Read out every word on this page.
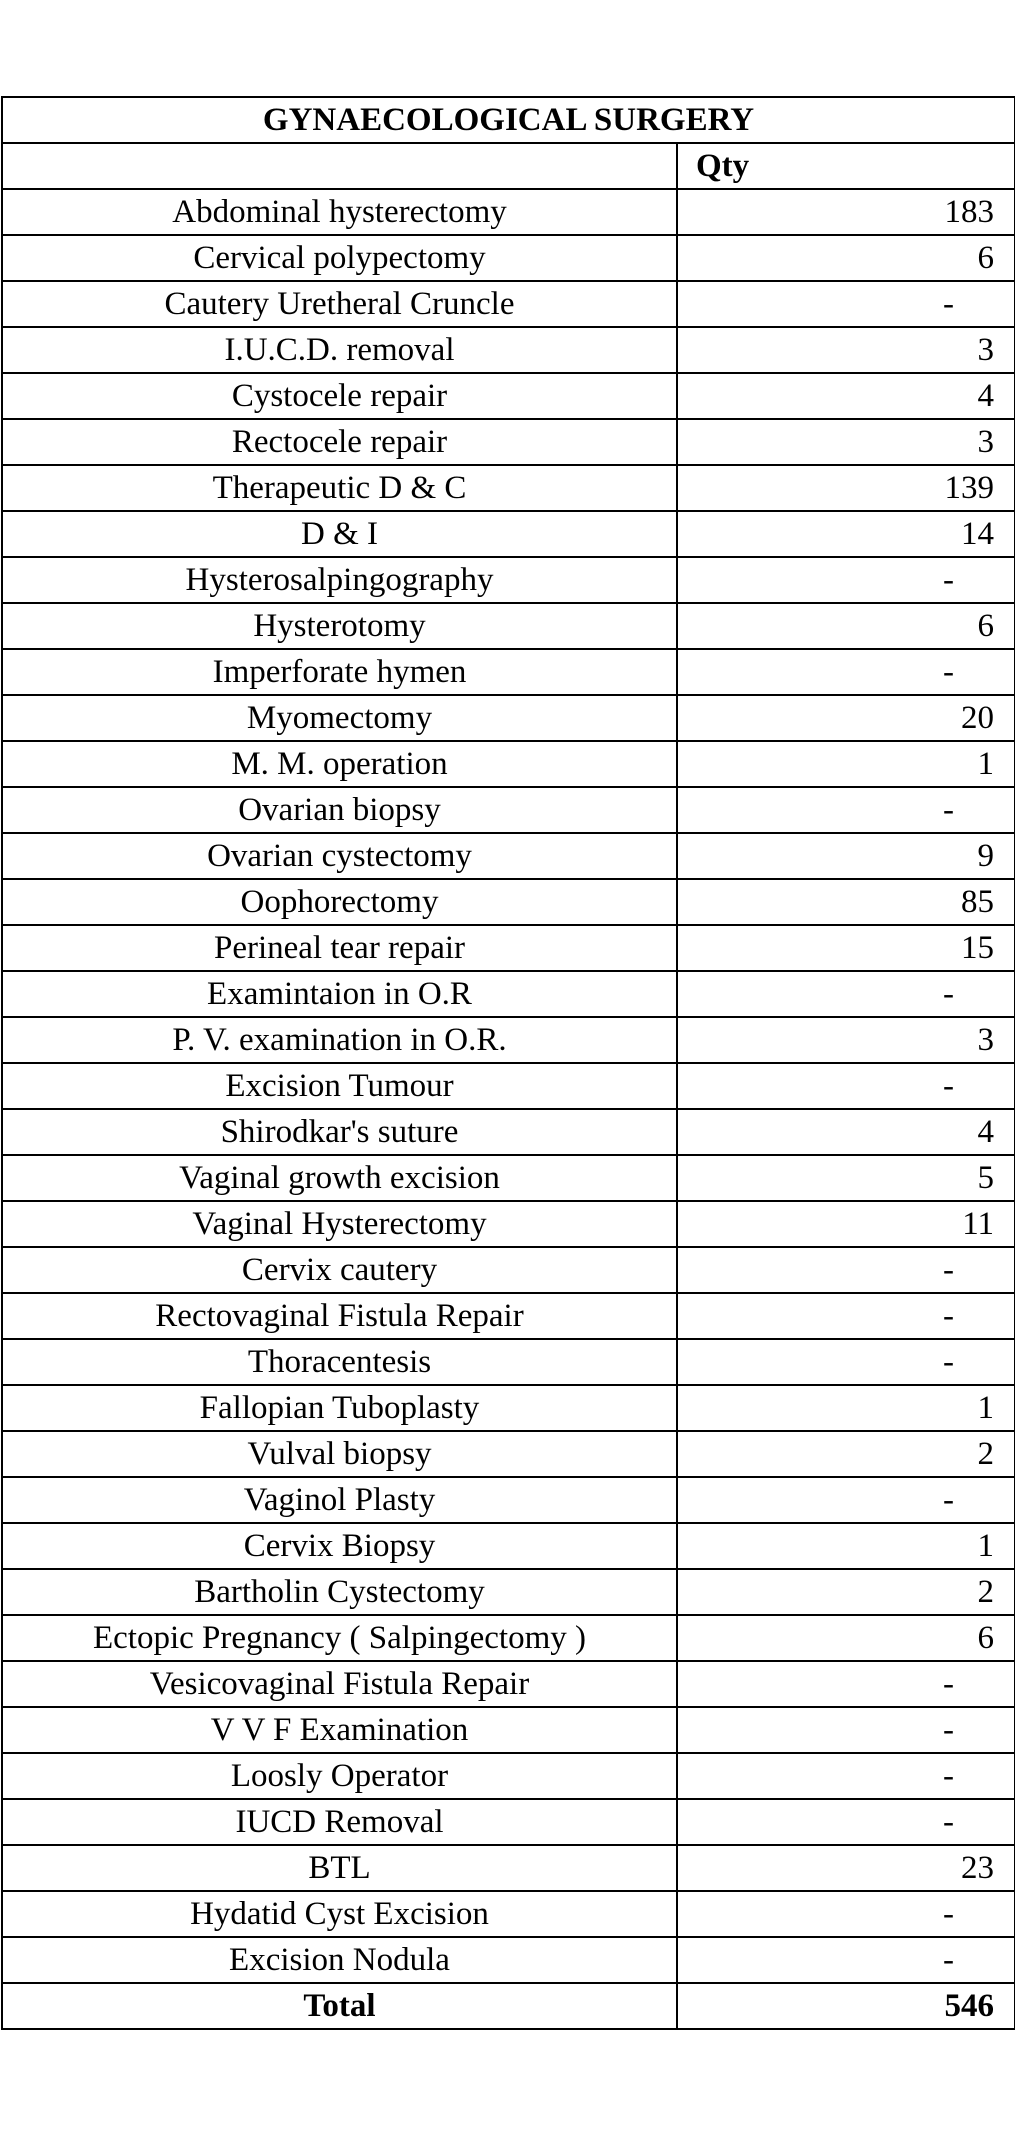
GYNAECOLOGICAL SURGERY	
	Qty
Abdominal hysterectomy	183
Cervical polypectomy	6
Cautery Uretheral Cruncle	-
I.U.C.D. removal	3
Cystocele repair	4
Rectocele repair	3
Therapeutic D & C	139
D & I	14
Hysterosalpingography	-
Hysterotomy	6
Imperforate hymen	-
Myomectomy	20
M. M. operation	1
Ovarian biopsy	-
Ovarian cystectomy	9
Oophorectomy	85
Perineal tear repair	15
Examintaion in O.R	-
P. V. examination in O.R.	3
Excision Tumour	-
Shirodkar's suture	4
Vaginal growth excision	5
Vaginal Hysterectomy	11
Cervix cautery	-
Rectovaginal Fistula Repair	-
Thoracentesis	-
Fallopian Tuboplasty	1
Vulval biopsy	2
Vaginol Plasty	-
Cervix Biopsy	1
Bartholin Cystectomy	2
Ectopic Pregnancy ( Salpingectomy )	6
Vesicovaginal Fistula Repair	-
V V F Examination	-
Loosly Operator	-
IUCD Removal	-
BTL	23
Hydatid Cyst Excision	-
Excision Nodula	-
Total	546
